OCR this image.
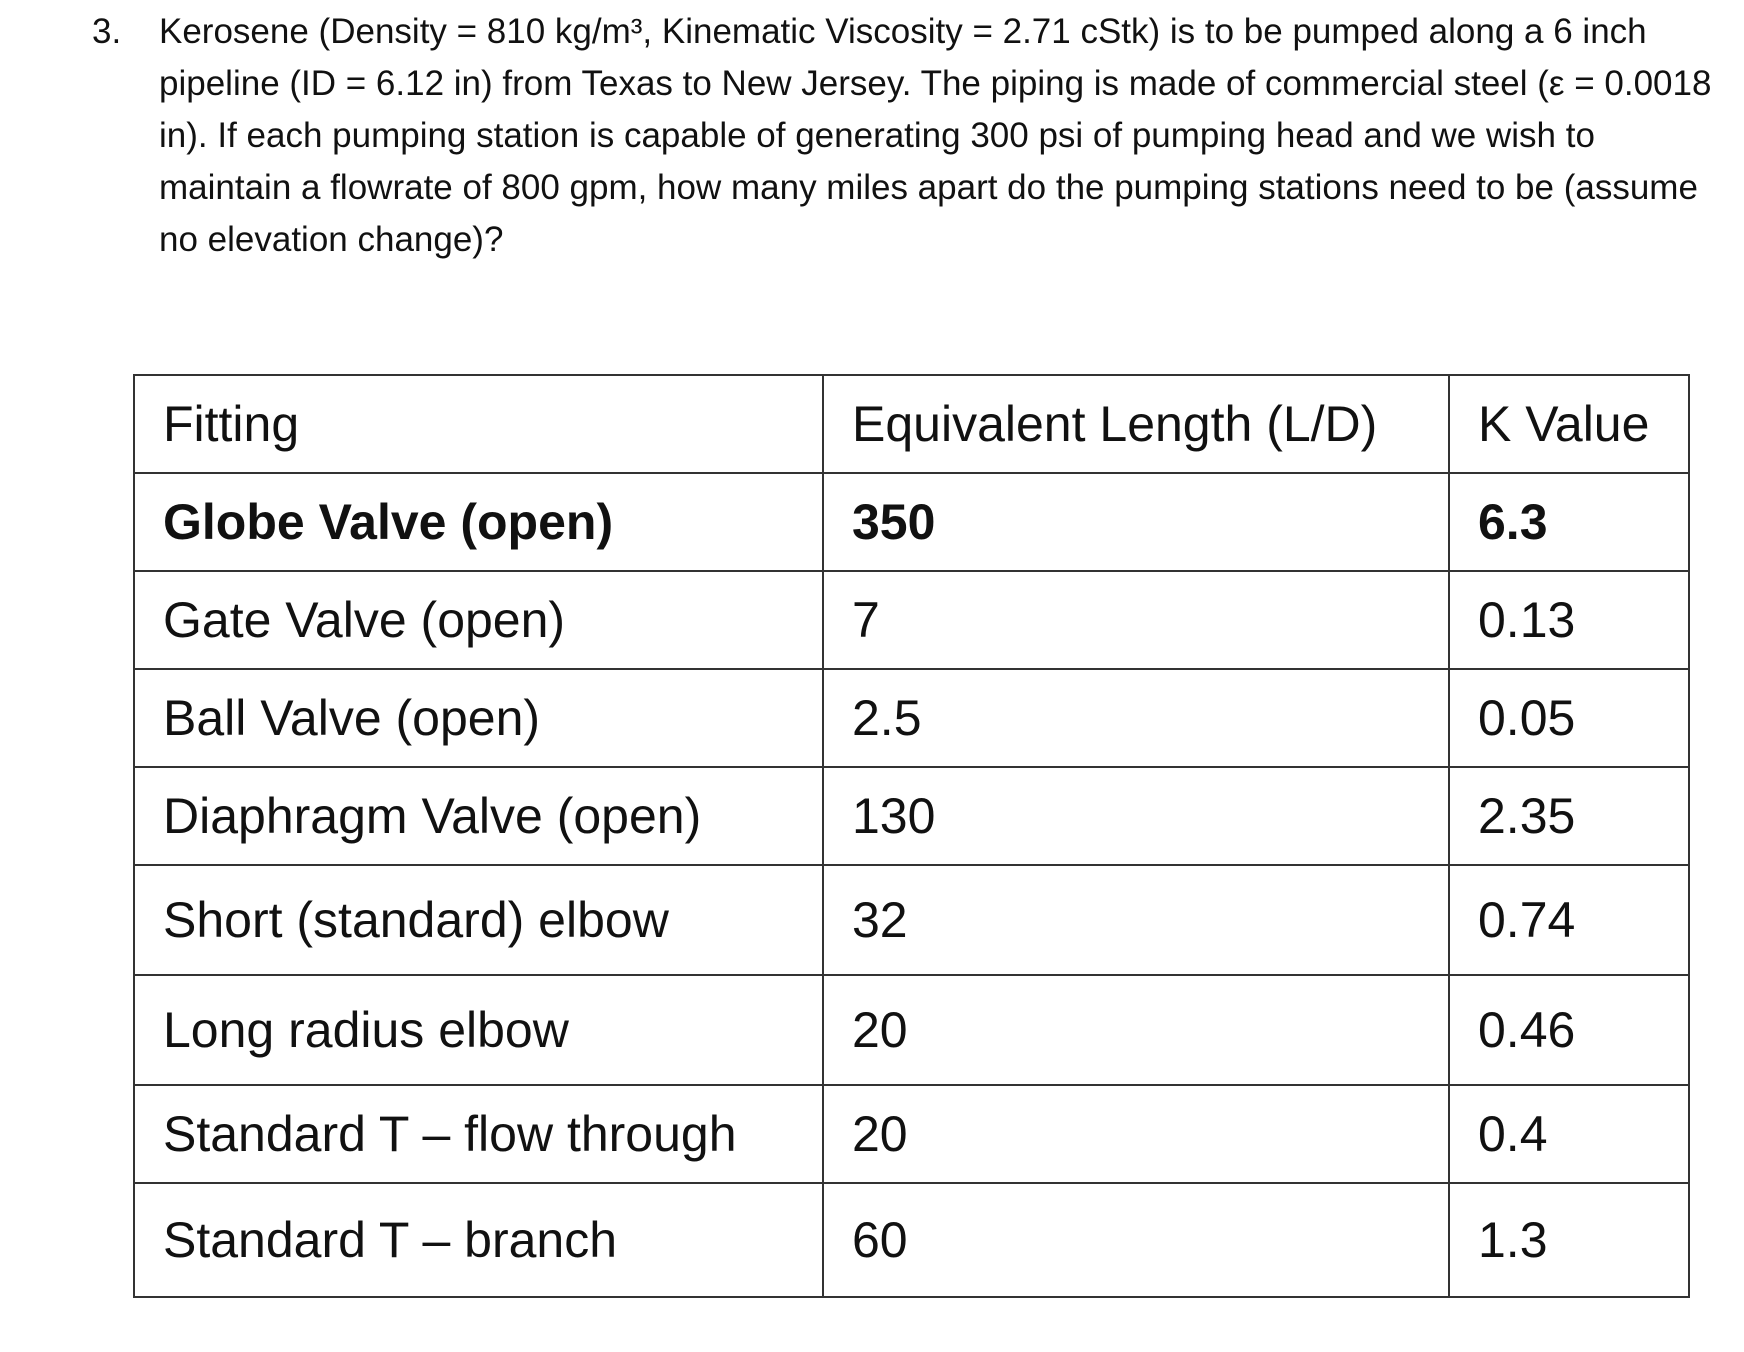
3.	Kerosene (Density = 810 kg/m³, Kinematic Viscosity = 2.71 cStk) is to be pumped along a 6 inch pipeline (ID = 6.12 in) from Texas to New Jersey. The piping is made of commercial steel (ε = 0.0018 in). If each pumping station is capable of generating 300 psi of pumping head and we wish to maintain a flowrate of 800 gpm, how many miles apart do the pumping stations need to be (assume no elevation change)?
Fitting	Equivalent Length (L/D)	K Value
Globe Valve (open)	350	6.3
Gate Valve (open)	7	0.13
Ball Valve (open)	2.5	0.05
Diaphragm Valve (open)	130	2.35
Short (standard) elbow	32	0.74
Long radius elbow	20	0.46
Standard T – flow through	20	0.4
Standard T – branch	60	1.3
